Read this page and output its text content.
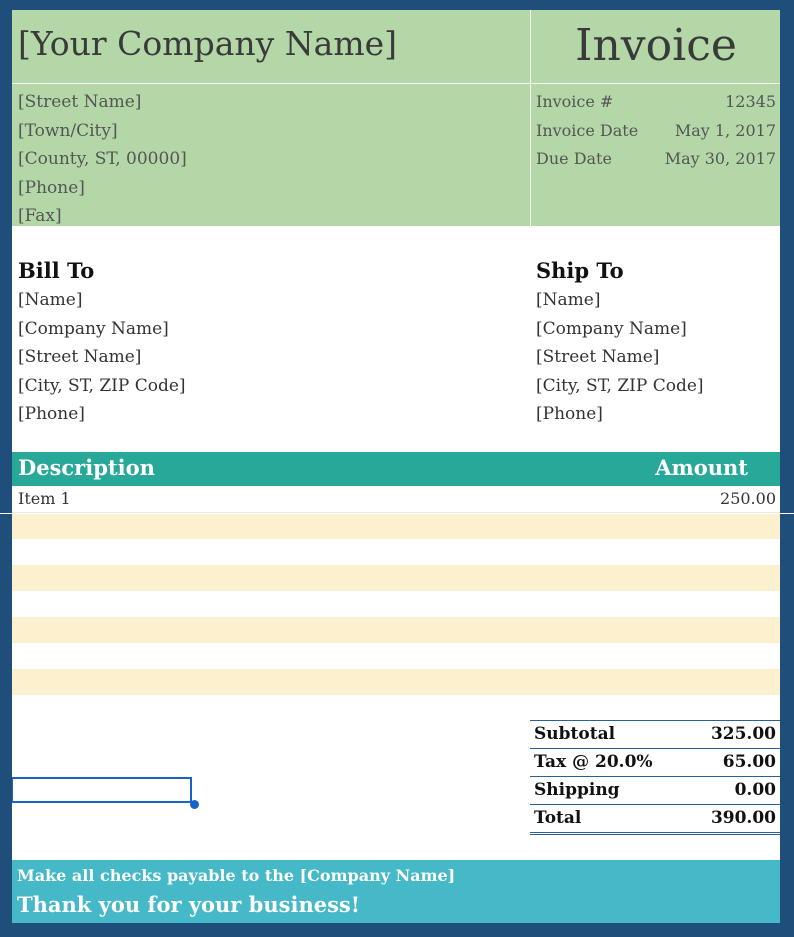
[Your Company Name]	Invoice
[Street Name]
[Town/City]
[County, ST, 00000]
[Phone]
[Fax]
Invoice #	12345
Invoice Date May 1, 2017
Due Date	May 30, 2017
Bill To
[Name]
[Company Name]
[Street Name]
[City, ST, ZIP Code]
[Phone]
Ship To
[Name]
[Company Name]
[Street Name]
[City, ST, ZIP Code]
[Phone]
Description	Amount
Item 1	250.00
Subtotal	325.00
Tax @ 20.0%	65.00
Shipping	0.00
Total	390.00
Make all checks payable to the [Company Name]
Thank you for your business!
